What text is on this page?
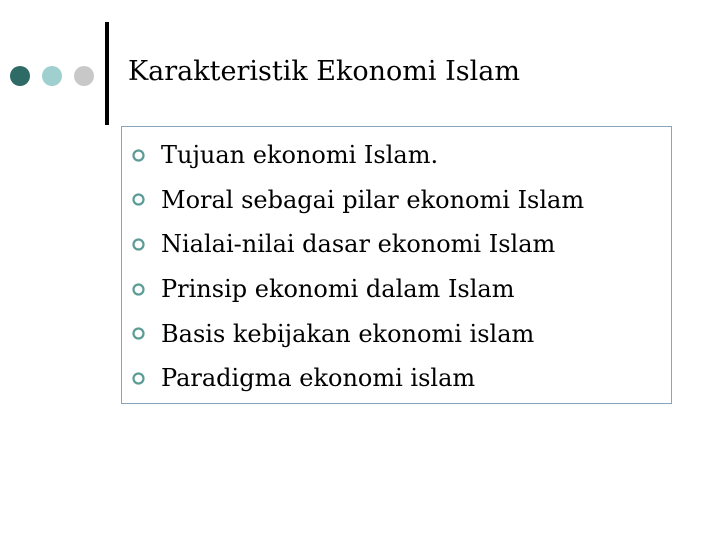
Karakteristik Ekonomi Islam
Tujuan ekonomi Islam.
Moral sebagai pilar ekonomi Islam
Nialai-nilai dasar ekonomi Islam
Prinsip ekonomi dalam Islam
Basis kebijakan ekonomi islam
Paradigma ekonomi islam
